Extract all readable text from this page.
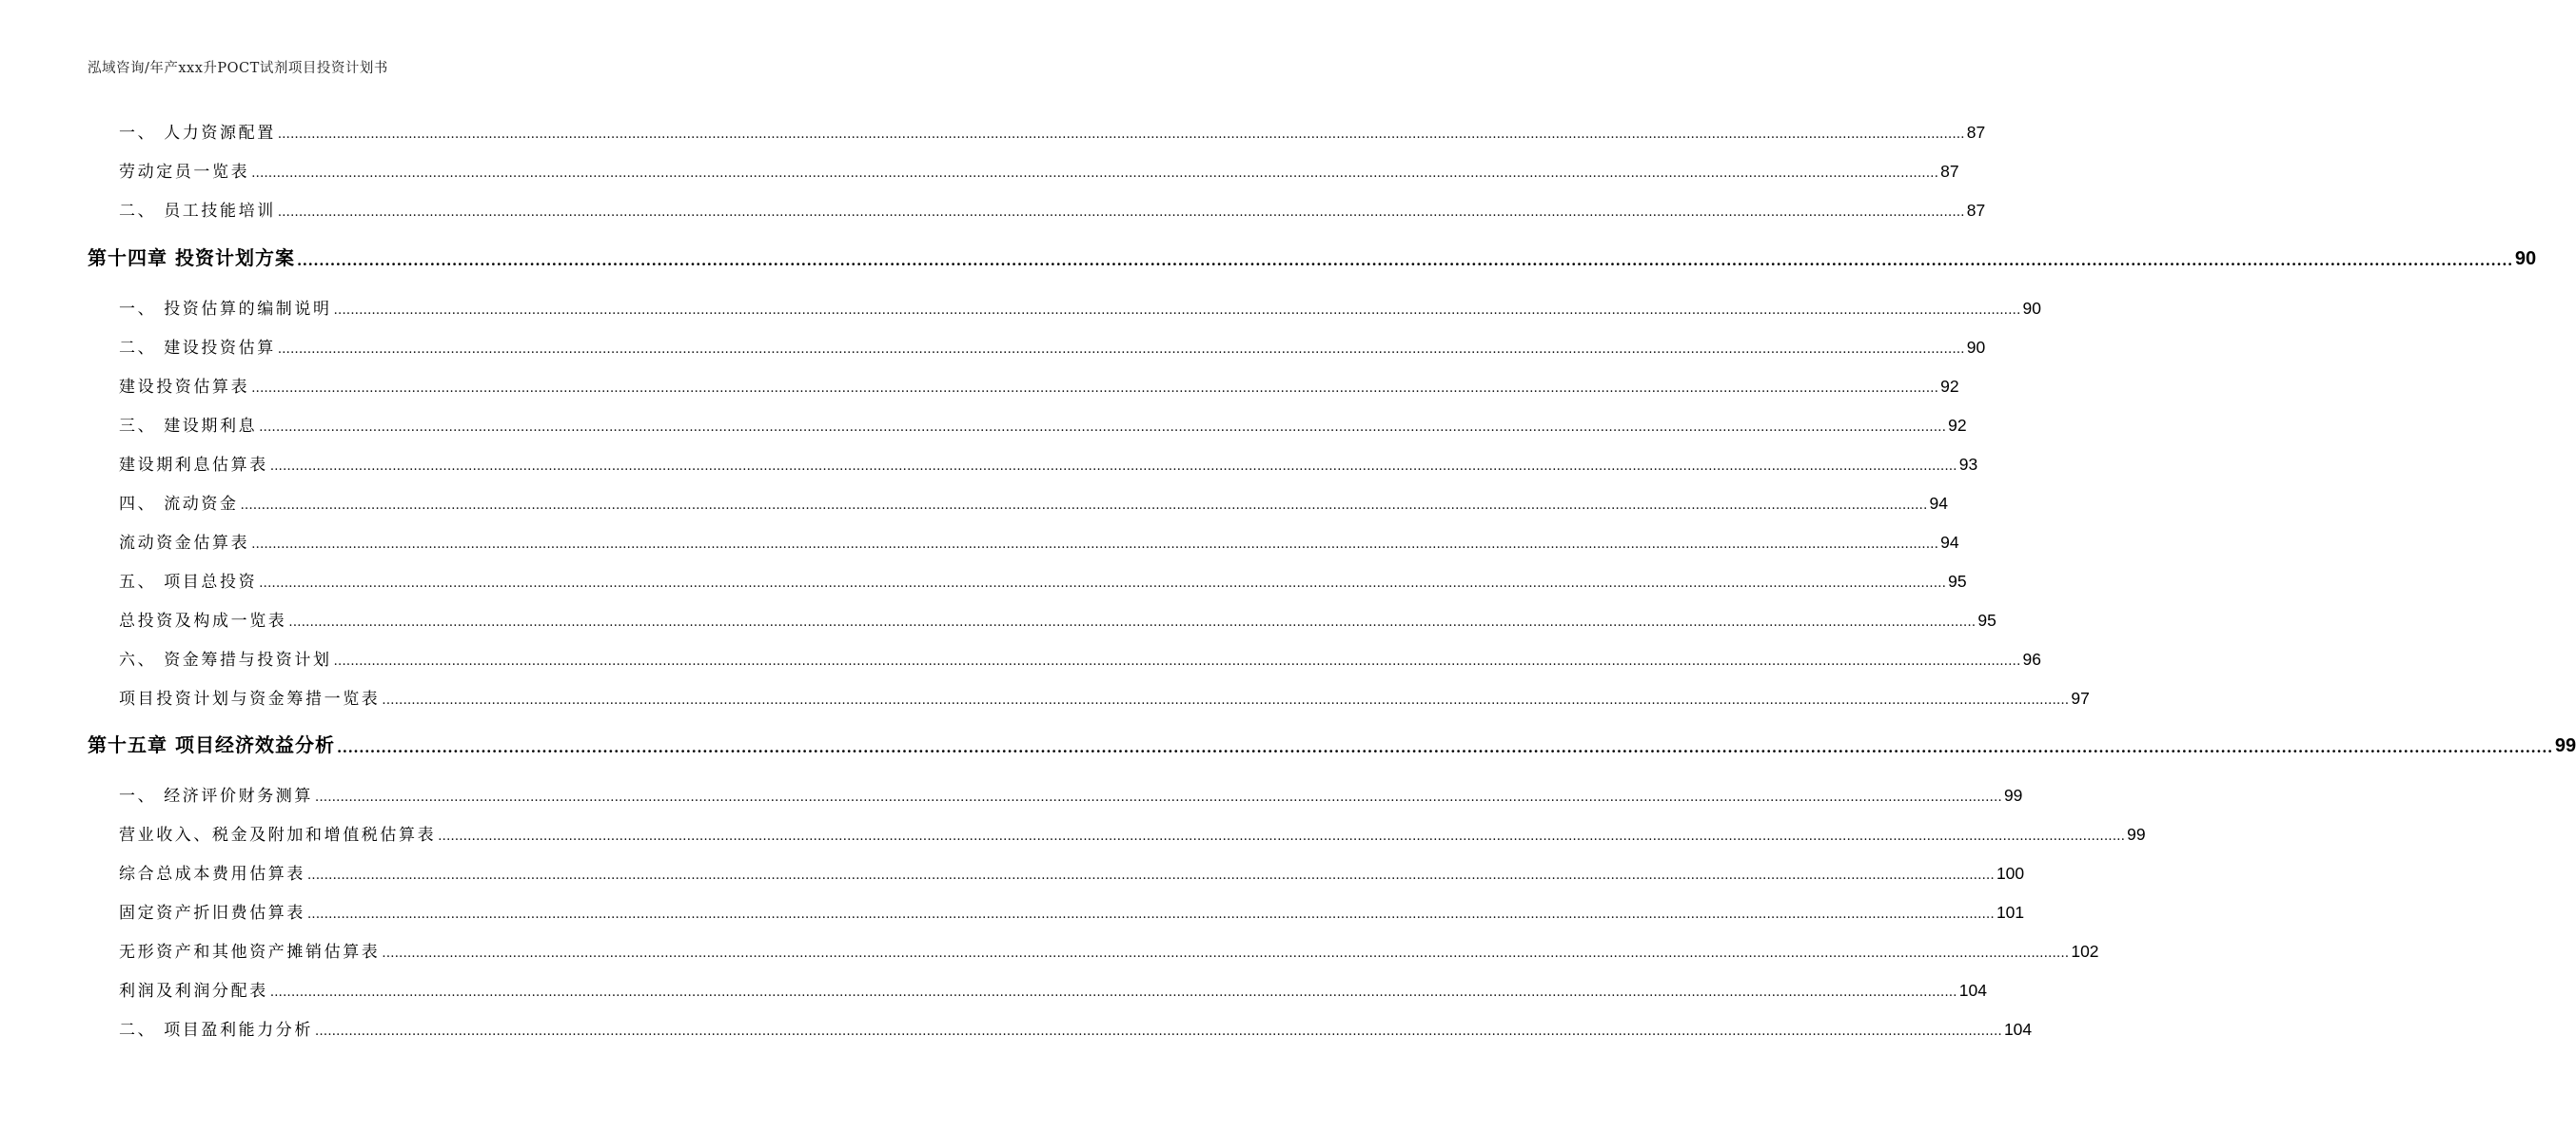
泓域咨询/年产xxx升POCT试剂项目投资计划书
一、 人力资源配置 ................................................................................................................................................................................................................................................................................................................................................................................................................ 87
劳动定员一览表 ................................................................................................................................................................................................................................................................................................................................................................................................................ 87
二、 员工技能培训 ................................................................................................................................................................................................................................................................................................................................................................................................................ 87
第十四章 投资计划方案 ................................................................................................................................................................................................................................................................................................................................................................................................................ 90
一、 投资估算的编制说明 ................................................................................................................................................................................................................................................................................................................................................................................................................ 90
二、 建设投资估算 ................................................................................................................................................................................................................................................................................................................................................................................................................ 90
建设投资估算表 ................................................................................................................................................................................................................................................................................................................................................................................................................ 92
三、 建设期利息 ................................................................................................................................................................................................................................................................................................................................................................................................................ 92
建设期利息估算表 ................................................................................................................................................................................................................................................................................................................................................................................................................ 93
四、 流动资金 ................................................................................................................................................................................................................................................................................................................................................................................................................ 94
流动资金估算表 ................................................................................................................................................................................................................................................................................................................................................................................................................ 94
五、 项目总投资 ................................................................................................................................................................................................................................................................................................................................................................................................................ 95
总投资及构成一览表 ................................................................................................................................................................................................................................................................................................................................................................................................................ 95
六、 资金筹措与投资计划 ................................................................................................................................................................................................................................................................................................................................................................................................................ 96
项目投资计划与资金筹措一览表 ................................................................................................................................................................................................................................................................................................................................................................................................................ 97
第十五章 项目经济效益分析 ................................................................................................................................................................................................................................................................................................................................................................................................................ 99
一、 经济评价财务测算 ................................................................................................................................................................................................................................................................................................................................................................................................................ 99
营业收入、税金及附加和增值税估算表 ................................................................................................................................................................................................................................................................................................................................................................................................................ 99
综合总成本费用估算表 ................................................................................................................................................................................................................................................................................................................................................................................................................ 100
固定资产折旧费估算表 ................................................................................................................................................................................................................................................................................................................................................................................................................ 101
无形资产和其他资产摊销估算表 ................................................................................................................................................................................................................................................................................................................................................................................................................ 102
利润及利润分配表 ................................................................................................................................................................................................................................................................................................................................................................................................................ 104
二、 项目盈利能力分析 ................................................................................................................................................................................................................................................................................................................................................................................................................ 104
